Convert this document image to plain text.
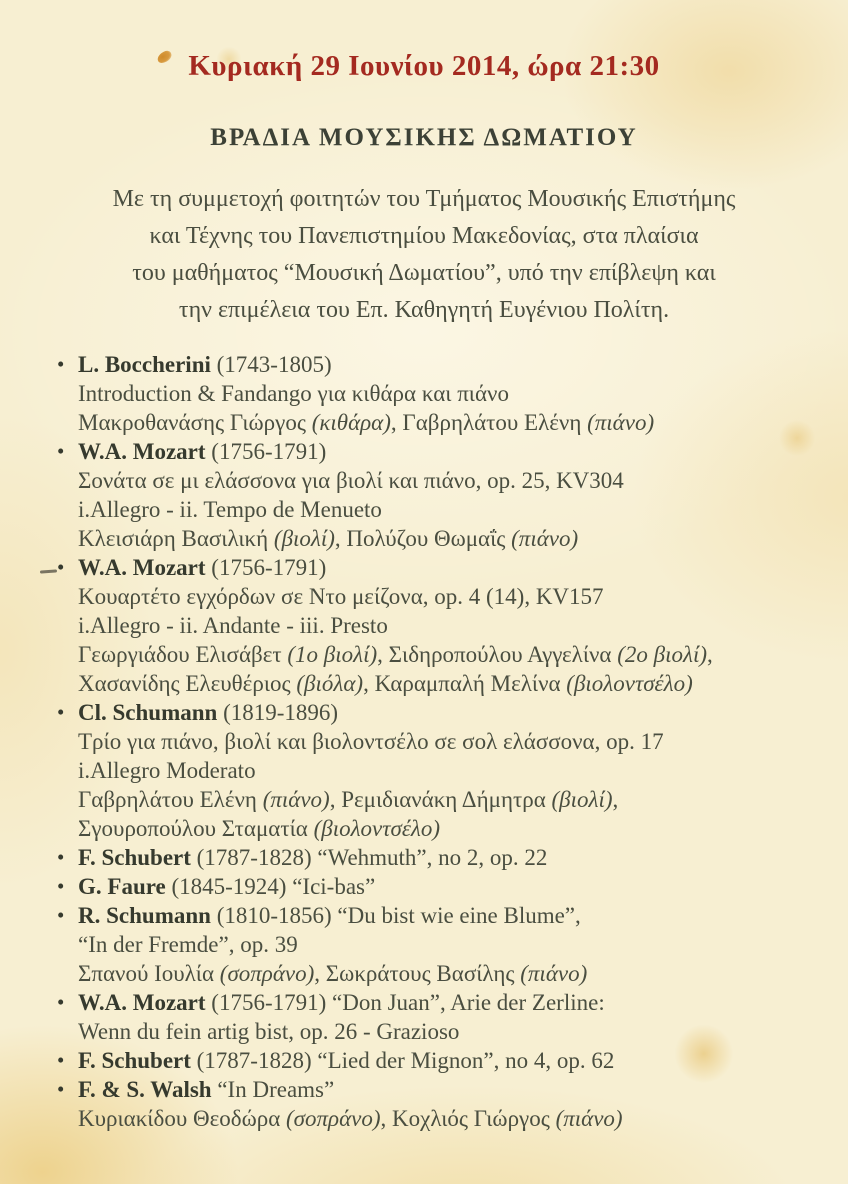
Κυριακή 29 Ιουνίου 2014, ώρα 21:30
ΒΡΑΔΙΑ ΜΟΥΣΙΚΗΣ ΔΩΜΑΤΙΟΥ

Με τη συμμετοχή φοιτητών του Τμήματος Μουσικής Επιστήμης
και Τέχνης του Πανεπιστημίου Μακεδονίας, στα πλαίσια
του μαθήματος “Μουσική Δωματίου”, υπό την επίβλεψη και
την επιμέλεια του Επ. Καθηγητή Ευγένιου Πολίτη.

• L. Boccherini (1743-1805)
Introduction & Fandango για κιθάρα και πιάνο
Μακροθανάσης Γιώργος (κιθάρα), Γαβρηλάτου Ελένη (πιάνο)
• W.A. Mozart (1756-1791)
Σονάτα σε μι ελάσσονα για βιολί και πιάνο, op. 25, KV304
i.Allegro - ii. Tempo de Menueto
Κλεισιάρη Βασιλική (βιολί), Πολύζου Θωμαΐς (πιάνο)
• W.A. Mozart (1756-1791)
Κουαρτέτο εγχόρδων σε Ντο μείζονα, op. 4 (14), KV157
i.Allegro - ii. Andante - iii. Presto
Γεωργιάδου Ελισάβετ (1ο βιολί), Σιδηροπούλου Αγγελίνα (2ο βιολί),
Χασανίδης Ελευθέριος (βιόλα), Καραμπαλή Μελίνα (βιολοντσέλο)
• Cl. Schumann (1819-1896)
Τρίο για πιάνο, βιολί και βιολοντσέλο σε σολ ελάσσονα, op. 17
i.Allegro Moderato
Γαβρηλάτου Ελένη (πιάνο), Ρεμιδιανάκη Δήμητρα (βιολί),
Σγουροπούλου Σταματία (βιολοντσέλο)
• F. Schubert (1787-1828) “Wehmuth”, no 2, op. 22
• G. Faure (1845-1924) “Ici-bas”
• R. Schumann (1810-1856) “Du bist wie eine Blume”,
“In der Fremde”, op. 39
Σπανού Ιουλία (σοπράνο), Σωκράτους Βασίλης (πιάνο)
• W.A. Mozart (1756-1791) “Don Juan”, Arie der Zerline:
Wenn du fein artig bist, op. 26 - Grazioso
• F. Schubert (1787-1828) “Lied der Mignon”, no 4, op. 62
• F. & S. Walsh “In Dreams”
Κυριακίδου Θεοδώρα (σοπράνο), Κοχλιός Γιώργος (πιάνο)
